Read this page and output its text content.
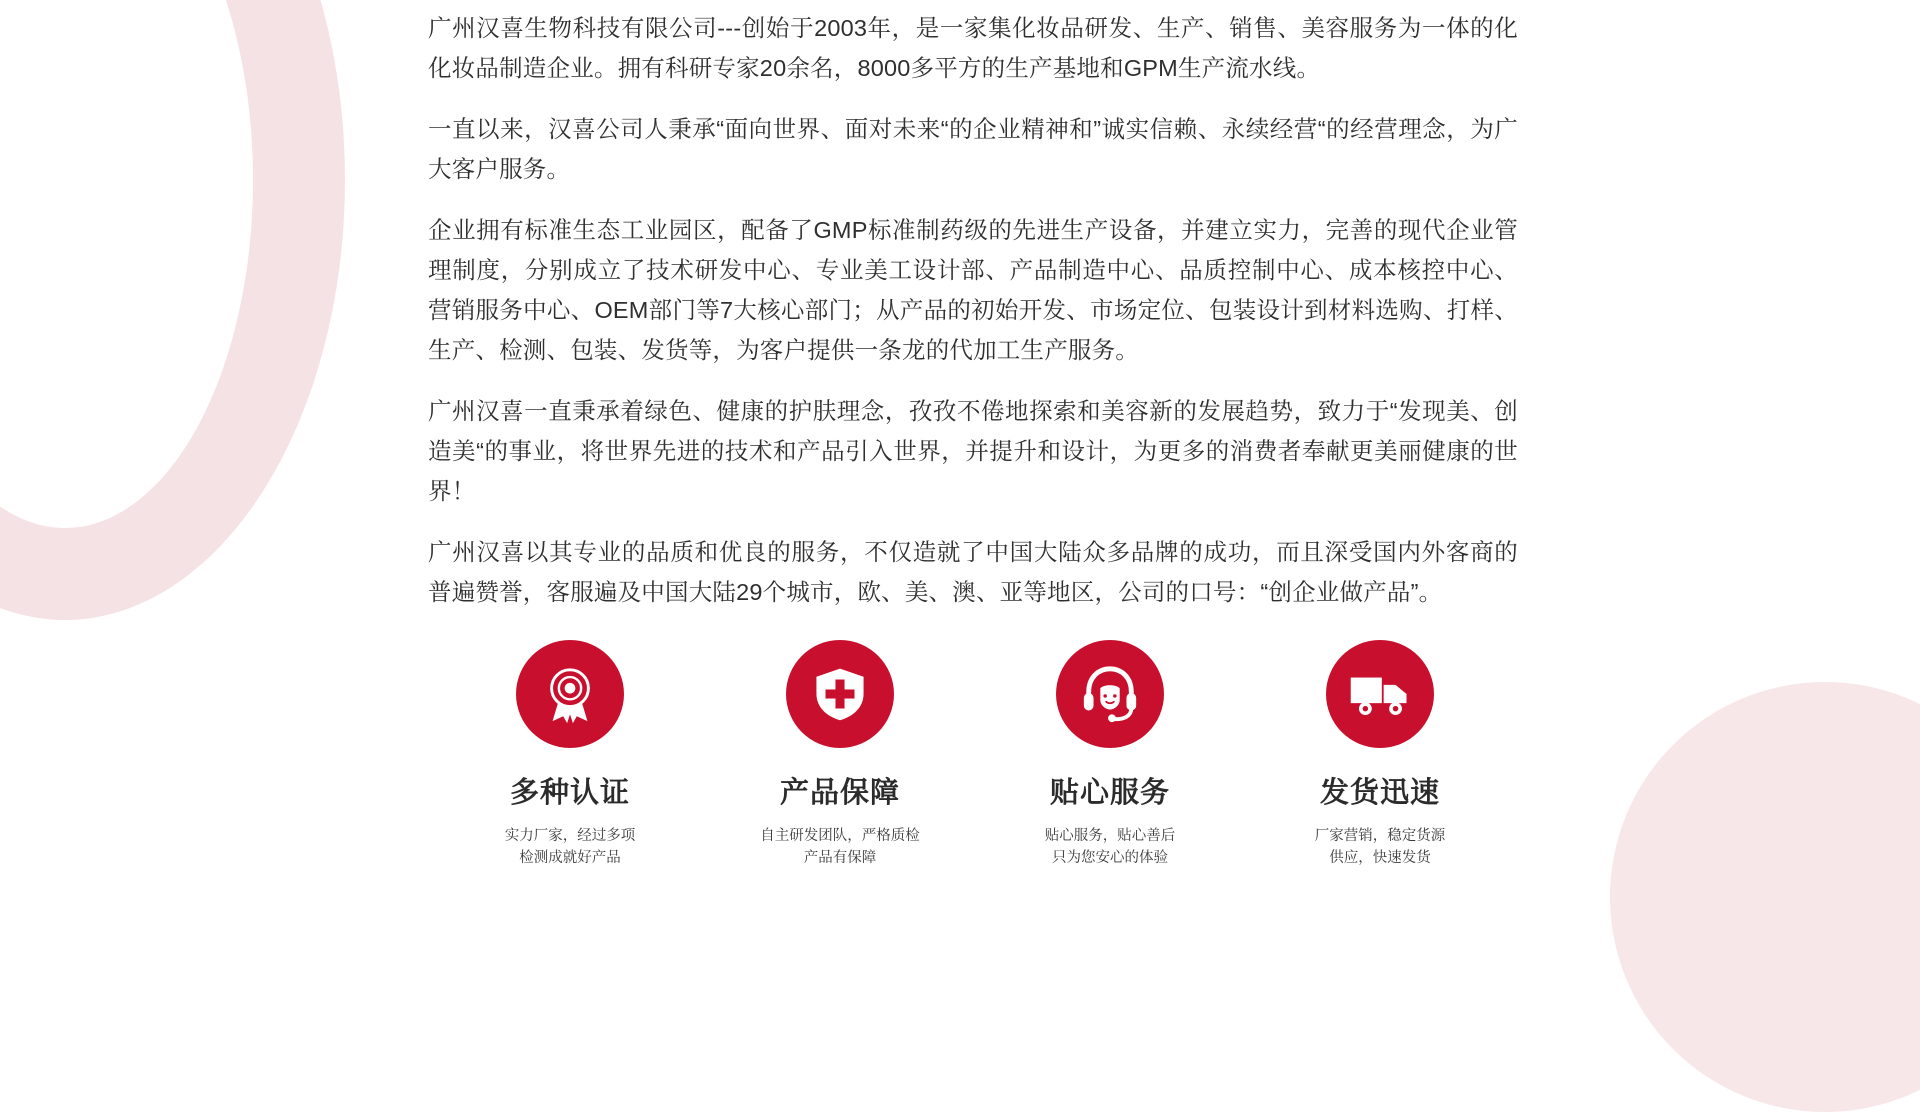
广州汉喜生物科技有限公司---创始于2003年，是一家集化妆品研发、生产、销售、美容服务为一体的化化妆品制造企业。拥有科研专家20余名，8000多平方的生产基地和GPM生产流水线。

一直以来，汉喜公司人秉承“面向世界、面对未来“的企业精神和”诚实信赖、永续经营“的经营理念，为广大客户服务。

企业拥有标准生态工业园区，配备了GMP标准制药级的先进生产设备，并建立实力，完善的现代企业管理制度，分别成立了技术研发中心、专业美工设计部、产品制造中心、品质控制中心、成本核控中心、营销服务中心、OEM部门等7大核心部门；从产品的初始开发、市场定位、包装设计到材料选购、打样、生产、检测、包装、发货等，为客户提供一条龙的代加工生产服务。

广州汉喜一直秉承着绿色、健康的护肤理念，孜孜不倦地探索和美容新的发展趋势，致力于“发现美、创造美“的事业，将世界先进的技术和产品引入世界，并提升和设计，为更多的消费者奉献更美丽健康的世界！

广州汉喜以其专业的品质和优良的服务，不仅造就了中国大陆众多品牌的成功，而且深受国内外客商的普遍赞誉，客服遍及中国大陆29个城市，欧、美、澳、亚等地区，公司的口号：“创企业做产品”。

多种认证
实力厂家，经过多项
检测成就好产品
产品保障
自主研发团队，严格质检
产品有保障
贴心服务
贴心服务，贴心善后
只为您安心的体验
发货迅速
厂家营销，稳定货源
供应，快速发货
